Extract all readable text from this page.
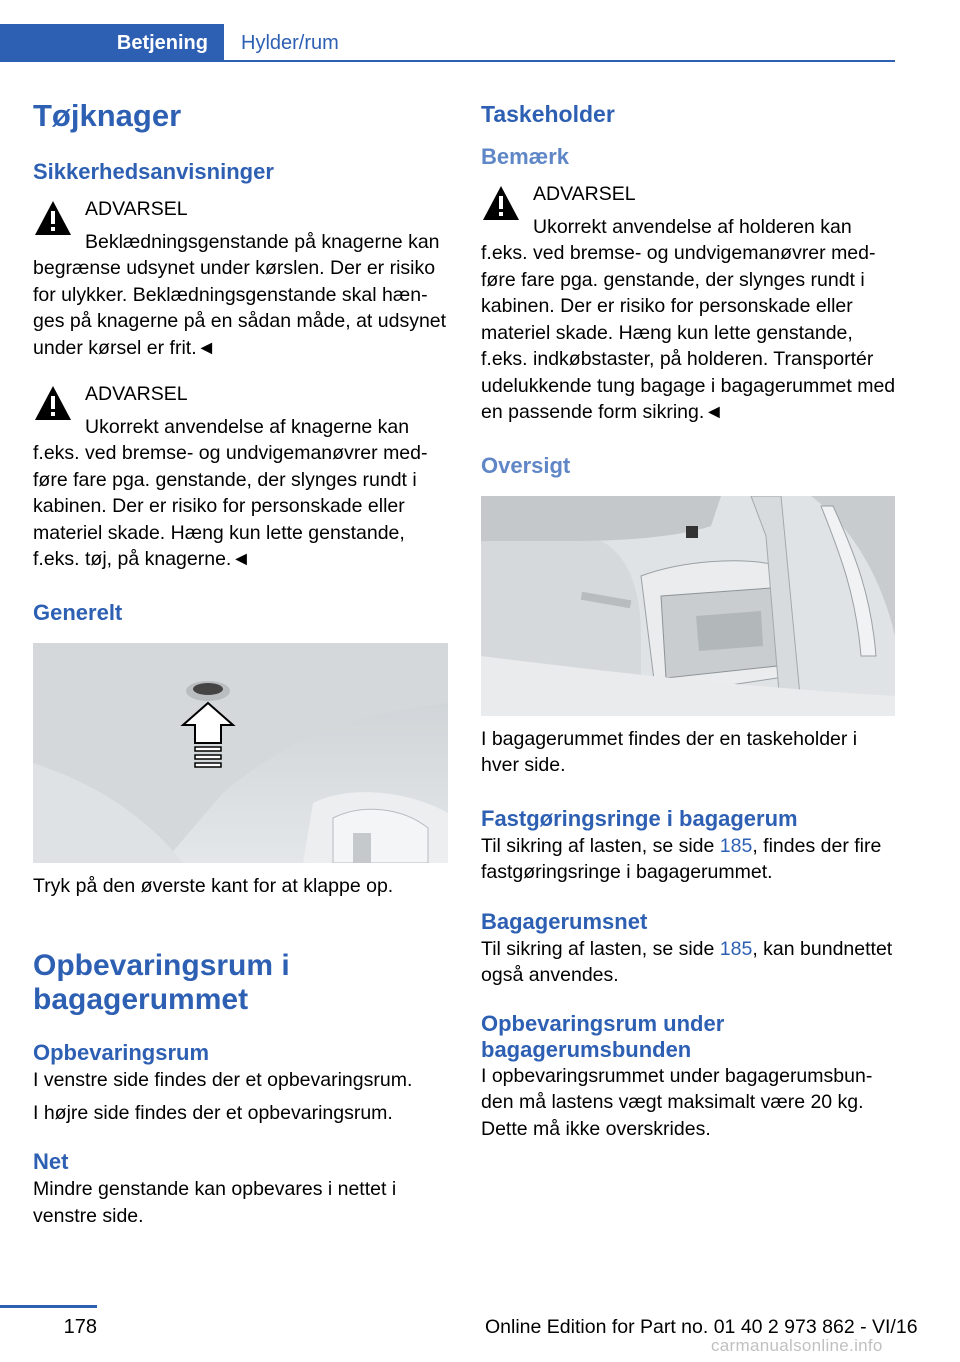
Betjening	Hylder/rum
Tøjknager
Sikkerhedsanvisninger

ADVARSEL

Beklædningsgenstande på knagerne kan

begrænse udsynet under kørslen. Der er risiko for ulykker. Beklædningsgenstande skal hænges på knagerne på en sådan måde, at udsynet under kørsel er frit.◄

ADVARSEL

Ukorrekt anvendelse af knagerne kan

f.eks. ved bremse- og undvigemanøvrer medføre fare pga. genstande, der slynges rundt i kabinen. Der er risiko for personskade eller materiel skade. Hæng kun lette genstande, f.eks. tøj, på knagerne.◄

Generelt

Tryk på den øverste kant for at klappe op.

Opbevaringsrum i bagagerummet
Opbevaringsrum

I venstre side findes der et opbevaringsrum.

I højre side findes der et opbevaringsrum.

Net

Mindre genstande kan opbevares i nettet i venstre side.

Taskeholder
Bemærk

ADVARSEL

Ukorrekt anvendelse af holderen kan

f.eks. ved bremse- og undvigemanøvrer medføre fare pga. genstande, der slynges rundt i kabinen. Der er risiko for personskade eller materiel skade. Hæng kun lette genstande, f.eks. indkøbstaster, på holderen. Transportér udelukkende tung bagage i bagagerummet med en passende form sikring.◄

Oversigt

I bagagerummet findes der en taskeholder i hver side.

Fastgøringsringe i bagagerum

Til sikring af lasten, se side 185, findes der fire fastgøringsringe i bagagerummet.

Bagagerumsnet

Til sikring af lasten, se side 185, kan bundnettet også anvendes.

Opbevaringsrum under bagagerumsbunden

I opbevaringsrummet under bagagerumsbunden må lastens vægt maksimalt være 20 kg. Dette må ikke overskrides.

178	Online Edition for Part no. 01 40 2 973 862 - VI/16
carmanualsonline.info
